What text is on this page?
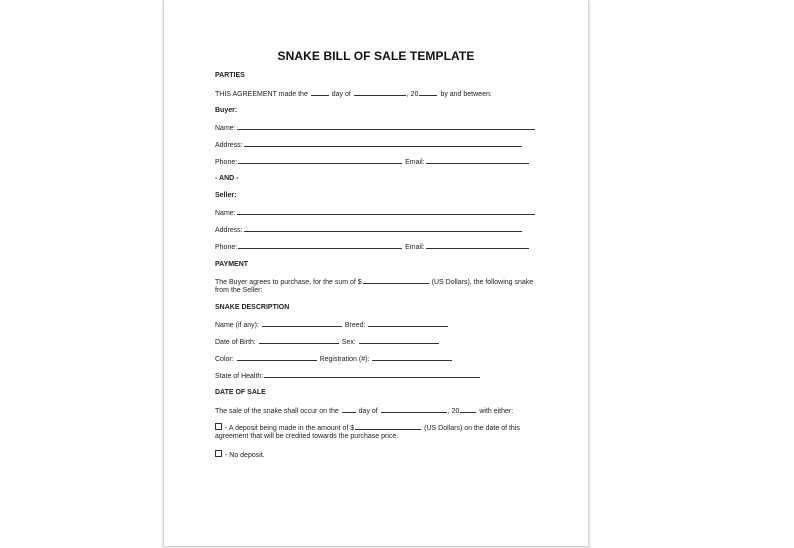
SNAKE BILL OF SALE TEMPLATE
PARTIES
THIS AGREEMENT made the	day of	, 20	by and between:
Buyer:
Name:
Address:
Phone:	Email:
- AND -
Seller:
Name:
Address:
Phone:	Email:
PAYMENT
The Buyer agrees to purchase, for the sum of $	(US Dollars), the following snake
from the Seller:
SNAKE DESCRIPTION
Name (if any):	Breed:
Date of Birth:	Sex:
Color:	Registration (#):
State of Health:
DATE OF SALE
The sale of the snake shall occur on the	day of	, 20	with either:
- A deposit being made in the amount of $	(US Dollars) on the date of this
agreement that will be credited towards the purchase price.
- No deposit.
